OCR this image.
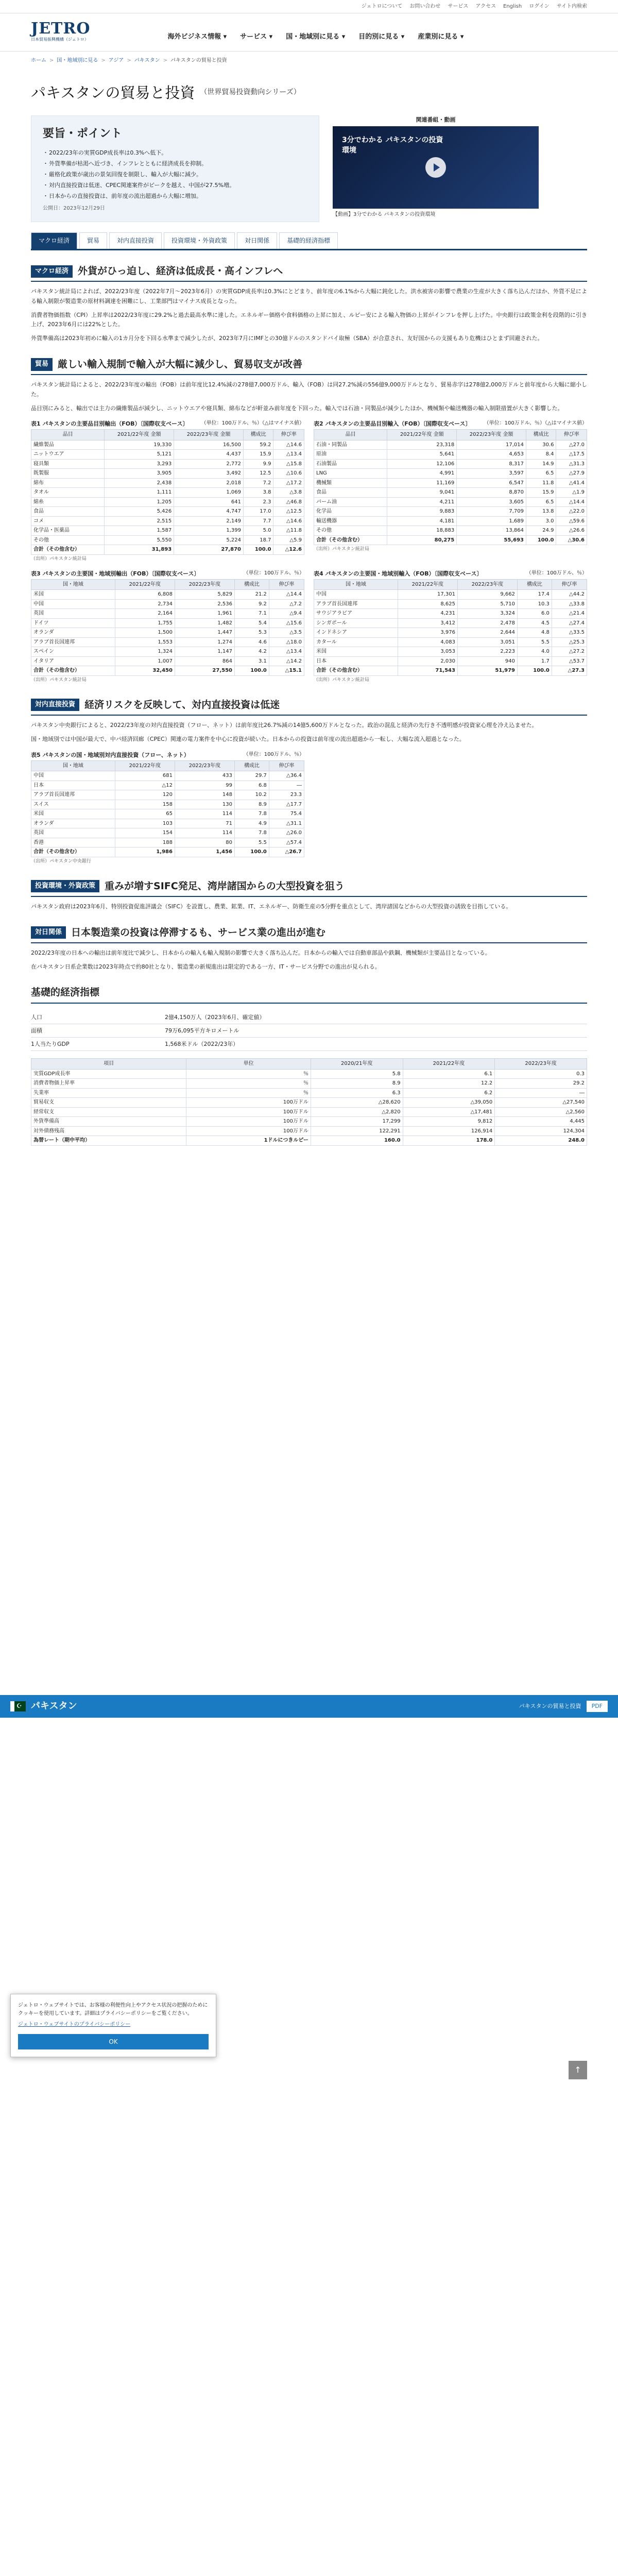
ジェトロについて お問い合わせ サービス アクセス English ログイン サイト内検索
JETRO
日本貿易振興機構（ジェトロ）	海外ビジネス情報 ▾ サービス ▾ 国・地域別に見る ▾ 目的別に見る ▾ 産業別に見る ▾
ホーム > 国・地域別に見る > アジア > パキスタン > パキスタンの貿易と投資
パキスタンの貿易と投資 （世界貿易投資動向シリーズ）
要旨・ポイント
・ 2022/23年の実質GDP成長率は0.3%へ低下。
・ 外貨準備が枯渇へ近づき、インフレとともに経済成長を抑制。
・ 厳格化政策が歳出の景気回復を制限し、輸入が大幅に減少。
・ 対内直接投資は低迷、CPEC関連案件がピークを越え、中国が27.5%増。
・ 日本からの直接投資は、前年度の流出超過から大幅に増加。
公開日：2023年12月29日
関連番組・動画
3分でわかる パキスタンの投資環境
【動画】3分でわかる パキスタンの投資環境
マクロ経済	貿易	対内直接投資	投資環境・外資政策	対日関係	基礎的経済指標
マクロ経済 外貨がひっ迫し、経済は低成長・高インフレへ

パキスタン統計局によれば、2022/23年度（2022年7月〜2023年6月）の実質GDP成長率は0.3%にとどまり、前年度の6.1%から大幅に鈍化した。洪水被害の影響で農業の生産が大きく落ち込んだほか、外貨不足による輸入制限が製造業の原材料調達を困難にし、工業部門はマイナス成長となった。

消費者物価指数（CPI）上昇率は2022/23年度に29.2%と過去最高水準に達した。エネルギー価格や食料価格の上昇に加え、ルピー安による輸入物価の上昇がインフレを押し上げた。中央銀行は政策金利を段階的に引き上げ、2023年6月には22%とした。

外貨準備高は2023年初めに輸入の1カ月分を下回る水準まで減少したが、2023年7月にIMFとの30億ドルのスタンドバイ取極（SBA）が合意され、友好国からの支援もあり危機はひとまず回避された。

貿易 厳しい輸入規制で輸入が大幅に減少し、貿易収支が改善

パキスタン統計局によると、2022/23年度の輸出（FOB）は前年度比12.4%減の278億7,000万ドル、輸入（FOB）は同27.2%減の556億9,000万ドルとなり、貿易赤字は278億2,000万ドルと前年度から大幅に縮小した。

品目別にみると、輸出では主力の繊維製品が減少し、ニットウエアや寝具類、綿布などが軒並み前年度を下回った。輸入では石油・同製品が減少したほか、機械類や輸送機器の輸入制限措置が大きく影響した。

表1 パキスタンの主要品目別輸出（FOB）〔国際収支ベース〕	（単位：100万ドル、％）（△はマイナス値）
品目	2021/22年度 金額	2022/23年度 金額	構成比	伸び率
繊維製品	19,330	16,500	59.2	△14.6
ニットウエア	5,121	4,437	15.9	△13.4
寝具類	3,293	2,772	9.9	△15.8
既製服	3,905	3,492	12.5	△10.6
綿布	2,438	2,018	7.2	△17.2
タオル	1,111	1,069	3.8	△3.8
綿糸	1,205	641	2.3	△46.8
食品	5,426	4,747	17.0	△12.5
コメ	2,515	2,149	7.7	△14.6
化学品・医薬品	1,587	1,399	5.0	△11.8
その他	5,550	5,224	18.7	△5.9
合計（その他含む）	31,893	27,870	100.0	△12.6
（出所）パキスタン統計局
表2 パキスタンの主要品目別輸入（FOB）〔国際収支ベース〕	（単位：100万ドル、％）（△はマイナス値）
品目	2021/22年度 金額	2022/23年度 金額	構成比	伸び率
石油・同製品	23,318	17,014	30.6	△27.0
原油	5,641	4,653	8.4	△17.5
石油製品	12,106	8,317	14.9	△31.3
LNG	4,991	3,597	6.5	△27.9
機械類	11,169	6,547	11.8	△41.4
食品	9,041	8,870	15.9	△1.9
パーム油	4,211	3,605	6.5	△14.4
化学品	9,883	7,709	13.8	△22.0
輸送機器	4,181	1,689	3.0	△59.6
その他	18,883	13,864	24.9	△26.6
合計（その他含む）	80,275	55,693	100.0	△30.6
（出所）パキスタン統計局
表3 パキスタンの主要国・地域別輸出（FOB）〔国際収支ベース〕	（単位：100万ドル、％）
国・地域	2021/22年度	2022/23年度	構成比	伸び率
米国	6,808	5,829	21.2	△14.4
中国	2,734	2,536	9.2	△7.2
英国	2,164	1,961	7.1	△9.4
ドイツ	1,755	1,482	5.4	△15.6
オランダ	1,500	1,447	5.3	△3.5
アラブ首長国連邦	1,553	1,274	4.6	△18.0
スペイン	1,324	1,147	4.2	△13.4
イタリア	1,007	864	3.1	△14.2
合計（その他含む）	32,450	27,550	100.0	△15.1
（出所）パキスタン統計局
表4 パキスタンの主要国・地域別輸入（FOB）〔国際収支ベース〕	（単位：100万ドル、％）
国・地域	2021/22年度	2022/23年度	構成比	伸び率
中国	17,301	9,662	17.4	△44.2
アラブ首長国連邦	8,625	5,710	10.3	△33.8
サウジアラビア	4,231	3,324	6.0	△21.4
シンガポール	3,412	2,478	4.5	△27.4
インドネシア	3,976	2,644	4.8	△33.5
カタール	4,083	3,051	5.5	△25.3
米国	3,053	2,223	4.0	△27.2
日本	2,030	940	1.7	△53.7
合計（その他含む）	71,543	51,979	100.0	△27.3
（出所）パキスタン統計局
対内直接投資 経済リスクを反映して、対内直接投資は低迷

パキスタン中央銀行によると、2022/23年度の対内直接投資（フロー、ネット）は前年度比26.7%減の14億5,600万ドルとなった。政治の混乱と経済の先行き不透明感が投資家心理を冷え込ませた。

国・地域別では中国が最大で、中パ経済回廊（CPEC）関連の電力案件を中心に投資が続いた。日本からの投資は前年度の流出超過から一転し、大幅な流入超過となった。

表5 パキスタンの国・地域別対内直接投資（フロー、ネット）	（単位：100万ドル、％）
国・地域	2021/22年度	2022/23年度	構成比	伸び率
中国	681	433	29.7	△36.4
日本	△12	99	6.8	―
アラブ首長国連邦	120	148	10.2	23.3
スイス	158	130	8.9	△17.7
米国	65	114	7.8	75.4
オランダ	103	71	4.9	△31.1
英国	154	114	7.8	△26.0
香港	188	80	5.5	△57.4
合計（その他含む）	1,986	1,456	100.0	△26.7
（出所）パキスタン中央銀行
投資環境・外資政策 重みが増すSIFC発足、湾岸諸国からの大型投資を狙う

パキスタン政府は2023年6月、特別投資促進評議会（SIFC）を設置し、農業、鉱業、IT、エネルギー、防衛生産の5分野を重点として、湾岸諸国などからの大型投資の誘致を目指している。

対日関係 日本製造業の投資は停滞するも、サービス業の進出が進む

2022/23年度の日本への輸出は前年度比で減少し、日本からの輸入も輸入規制の影響で大きく落ち込んだ。日本からの輸入では自動車部品や鉄鋼、機械類が主要品目となっている。

在パキスタン日系企業数は2023年時点で約80社となり、製造業の新規進出は限定的である一方、IT・サービス分野での進出が見られる。

基礎的経済指標
人口	2億4,150万人（2023年6月、確定値）
面積	79万6,095平方キロメートル
1人当たりGDP	1,568米ドル（2022/23年）
項目	単位	2020/21年度	2021/22年度	2022/23年度
実質GDP成長率	％	5.8	6.1	0.3
消費者物価上昇率	％	8.9	12.2	29.2
失業率	％	6.3	6.2	―
貿易収支	100万ドル	△28,620	△39,050	△27,540
経常収支	100万ドル	△2,820	△17,481	△2,560
外貨準備高	100万ドル	17,299	9,812	4,445
対外債務残高	100万ドル	122,291	126,914	124,304
為替レート（期中平均）	1ドルにつきルピー	160.0	178.0	248.0
☪
パキスタン	パキスタンの貿易と投資	PDF
ジェトロ・ウェブサイトでは、お客様の利便性向上やアクセス状況の把握のためにクッキーを使用しています。詳細はプライバシーポリシーをご覧ください。
ジェトロ・ウェブサイトのプライバシーポリシー
OK
↑
